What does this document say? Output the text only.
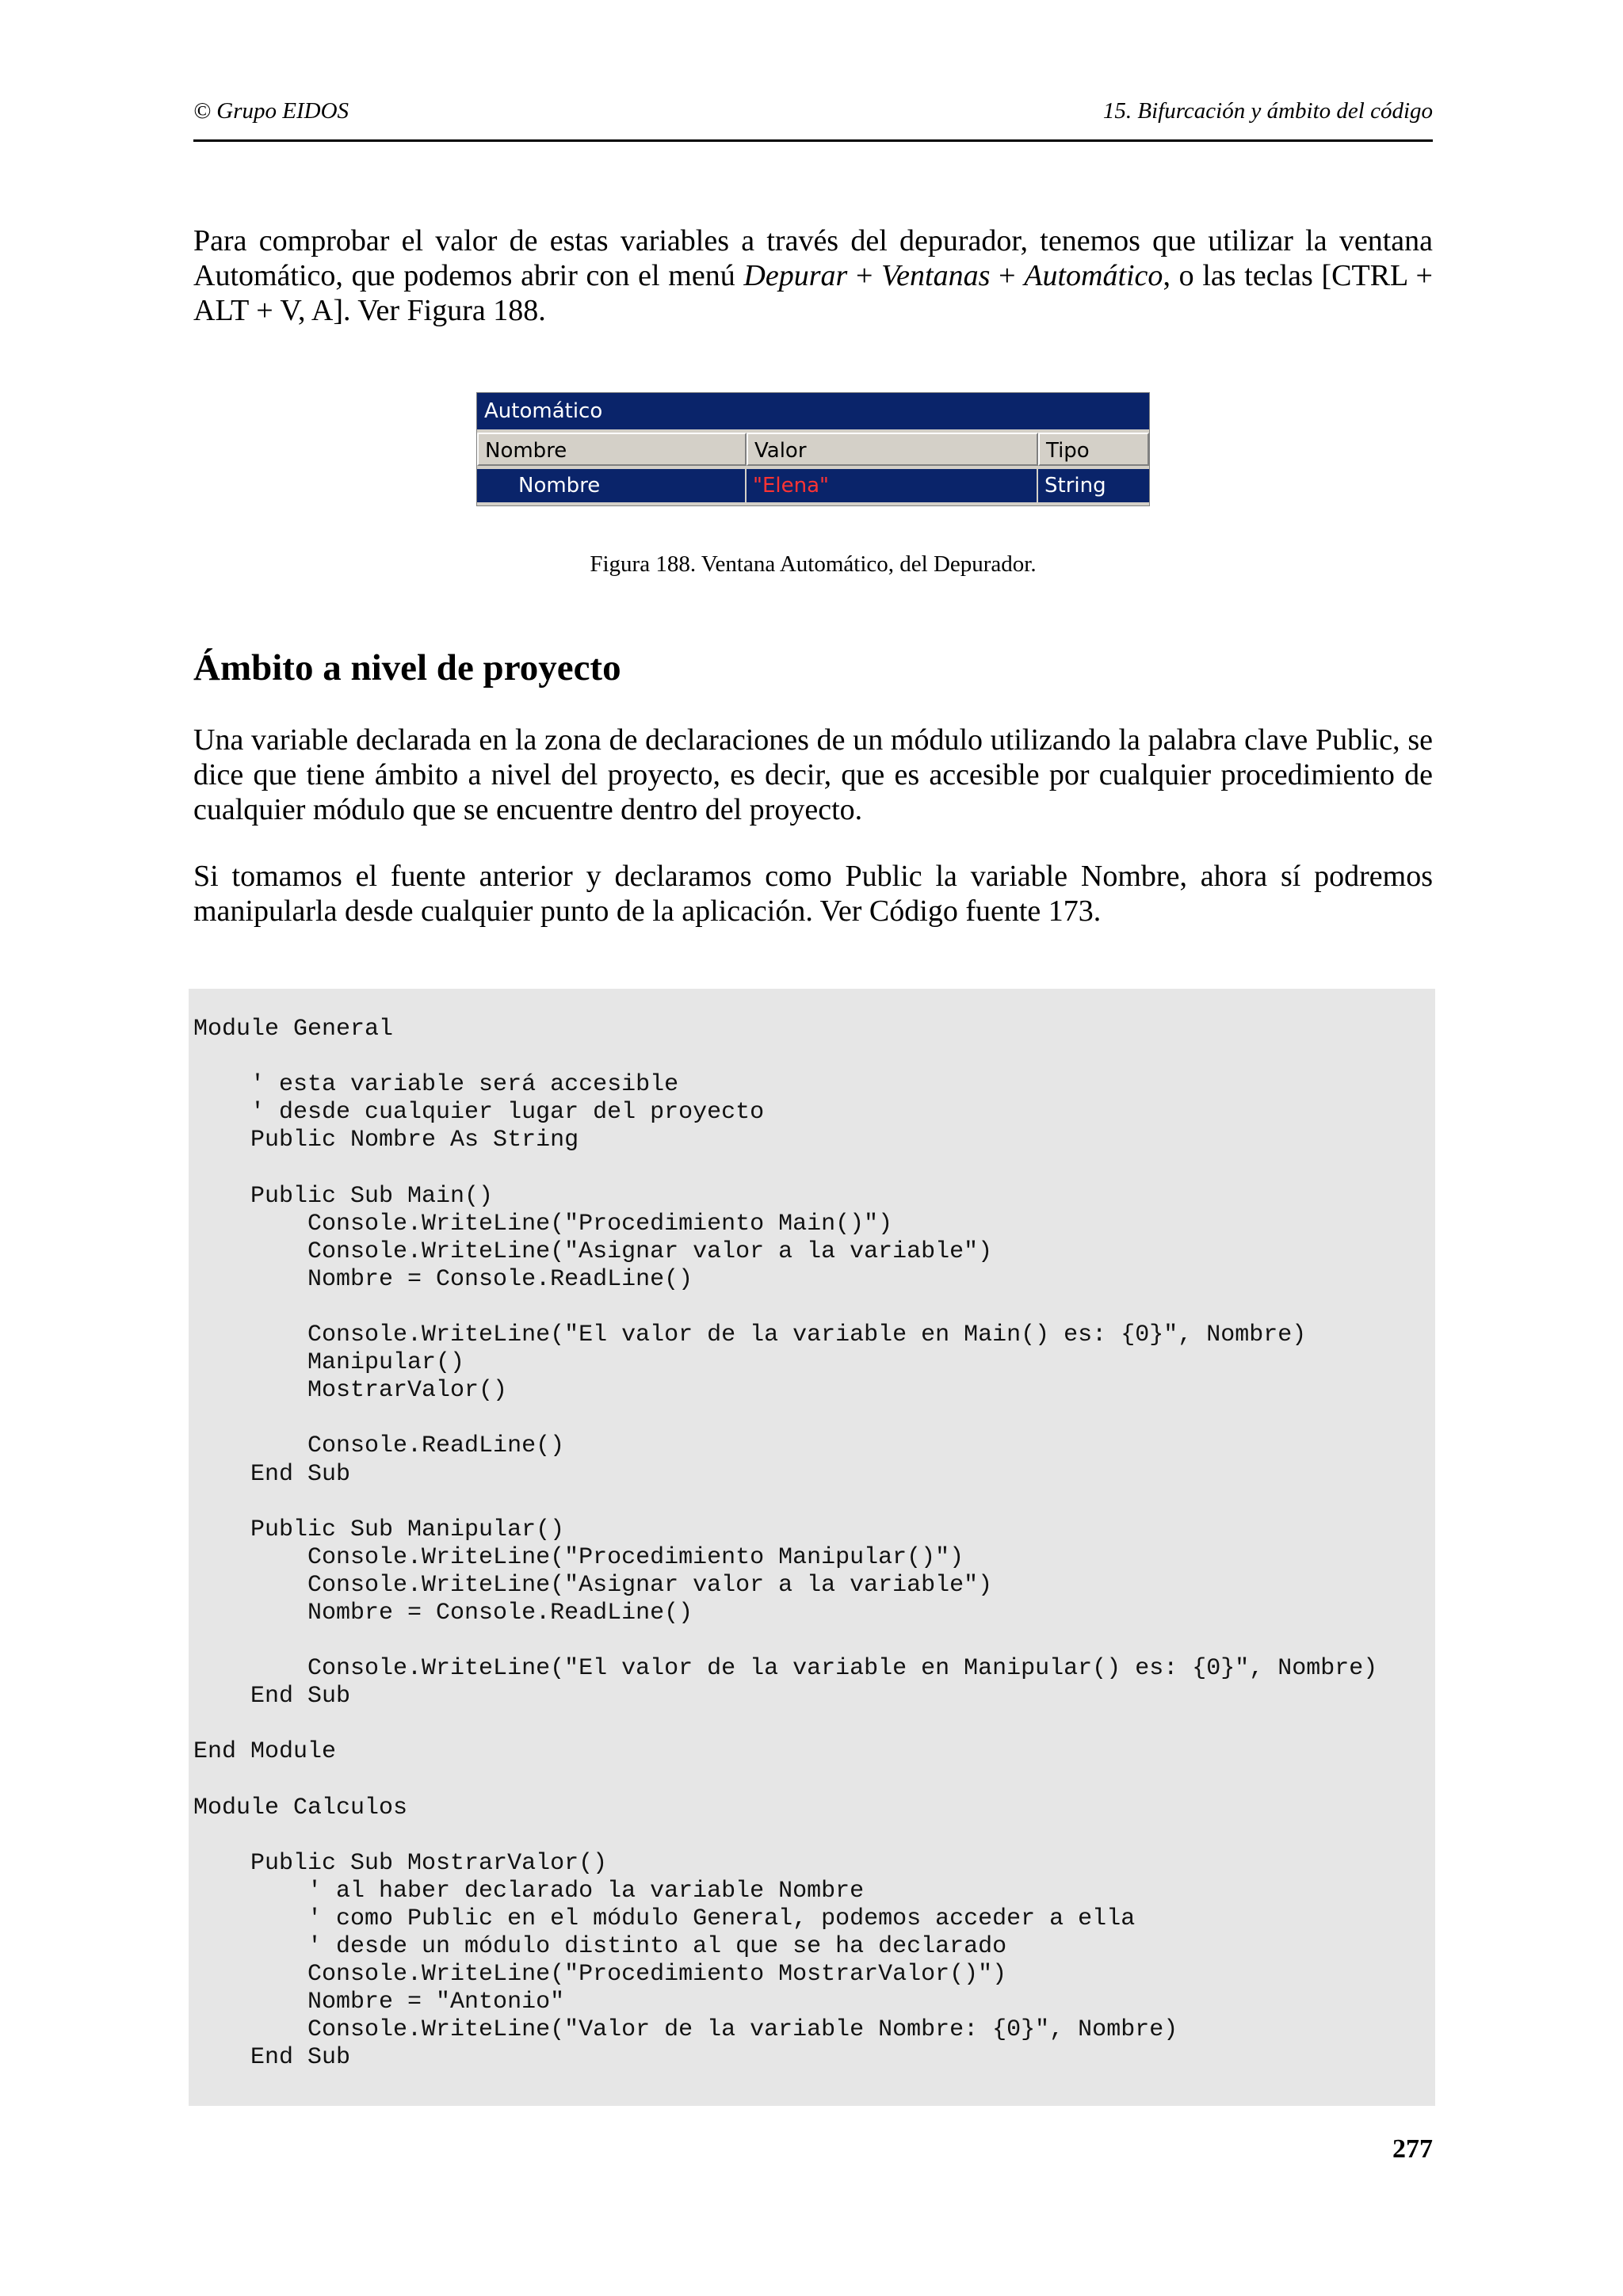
© Grupo EIDOS	15. Bifurcación y ámbito del código

Para comprobar el valor de estas variables a través del depurador, tenemos que utilizar la ventana Automático, que podemos abrir con el menú Depurar + Ventanas + Automático, o las teclas [CTRL + ALT + V, A]. Ver Figura 188.

Automático
Nombre	Valor	Tipo
Nombre	"Elena"	String
Figura 188. Ventana Automático, del Depurador.
Ámbito a nivel de proyecto

Una variable declarada en la zona de declaraciones de un módulo utilizando la palabra clave Public, se dice que tiene ámbito a nivel del proyecto, es decir, que es accesible por cualquier procedimiento de cualquier módulo que se encuentre dentro del proyecto.

Si tomamos el fuente anterior y declaramos como Public la variable Nombre, ahora sí podremos manipularla desde cualquier punto de la aplicación. Ver Código fuente 173.

Module General

' esta variable será accesible
' desde cualquier lugar del proyecto
Public Nombre As String

Public Sub Main()
Console.WriteLine("Procedimiento Main()")
Console.WriteLine("Asignar valor a la variable")
Nombre = Console.ReadLine()

Console.WriteLine("El valor de la variable en Main() es: {0}", Nombre)
Manipular()
MostrarValor()

Console.ReadLine()
End Sub

Public Sub Manipular()
Console.WriteLine("Procedimiento Manipular()")
Console.WriteLine("Asignar valor a la variable")
Nombre = Console.ReadLine()

Console.WriteLine("El valor de la variable en Manipular() es: {0}", Nombre)
End Sub

End Module

Module Calculos

Public Sub MostrarValor()
' al haber declarado la variable Nombre
' como Public en el módulo General, podemos acceder a ella
' desde un módulo distinto al que se ha declarado
Console.WriteLine("Procedimiento MostrarValor()")
Nombre = "Antonio"
Console.WriteLine("Valor de la variable Nombre: {0}", Nombre)
End Sub
277
